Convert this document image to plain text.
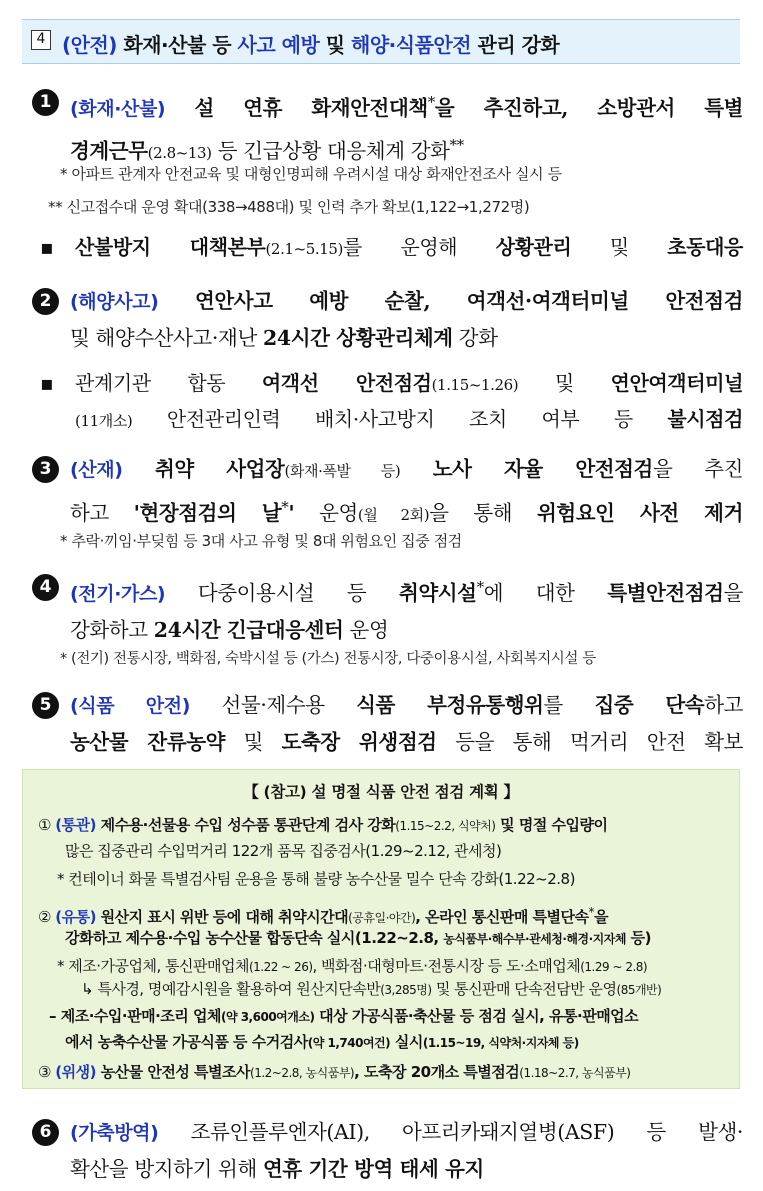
4 (안전) 화재·산불 등 사고 예방 및 해양·식품안전 관리 강화
1 (화재·산불) 설 연휴 화재안전대책*을 추진하고, 소방관서 특별
경계근무(2.8~13) 등 긴급상황 대응체계 강화**
* 아파트 관계자 안전교육 및 대형인명피해 우려시설 대상 화재안전조사 실시 등
** 신고접수대 운영 확대(338→488대) 및 인력 추가 확보(1,122→1,272명)
▪ 산불방지 대책본부(2.1~5.15)를 운영해 상황관리 및 초동대응
2 (해양사고) 연안사고 예방 순찰, 여객선·여객터미널 안전점검
및 해양수산사고·재난 24시간 상황관리체계 강화
▪ 관계기관 합동 여객선 안전점검(1.15~1.26) 및 연안여객터미널
(11개소) 안전관리인력 배치·사고방지 조치 여부 등 불시점검
3 (산재) 취약 사업장(화재·폭발 등) 노사 자율 안전점검을 추진
하고 '현장점검의 날*' 운영(월 2회)을 통해 위험요인 사전 제거
* 추락·끼임·부딪힘 등 3대 사고 유형 및 8대 위험요인 집중 점검
4 (전기·가스) 다중이용시설 등 취약시설*에 대한 특별안전점검을
강화하고 24시간 긴급대응센터 운영
* (전기) 전통시장, 백화점, 숙박시설 등 (가스) 전통시장, 다중이용시설, 사회복지시설 등
5 (식품 안전) 선물·제수용 식품 부정유통행위를 집중 단속하고
농산물 잔류농약 및 도축장 위생점검 등을 통해 먹거리 안전 확보
【 (참고) 설 명절 식품 안전 점검 계획 】
① (통관) 제수용·선물용 수입 성수품 통관단계 검사 강화(1.15~2.2, 식약처) 및 명절 수입량이
많은 집중관리 수입먹거리 122개 품목 집중검사(1.29~2.12, 관세청)
* 컨테이너 화물 특별검사팀 운용을 통해 불량 농수산물 밀수 단속 강화(1.22~2.8)
② (유통) 원산지 표시 위반 등에 대해 취약시간대(공휴일·야간), 온라인 통신판매 특별단속*을
강화하고 제수용·수입 농수산물 합동단속 실시(1.22~2.8, 농식품부·해수부·관세청·해경·지자체 등)
* 제조·가공업체, 통신판매업체(1.22 ~ 26), 백화점·대형마트·전통시장 등 도·소매업체(1.29 ~ 2.8)
↳ 특사경, 명예감시원을 활용하여 원산지단속반(3,285명) 및 통신판매 단속전담반 운영(85개반)
– 제조·수입·판매·조리 업체(약 3,600여개소) 대상 가공식품·축산물 등 점검 실시, 유통·판매업소
에서 농축수산물 가공식품 등 수거검사(약 1,740여건) 실시(1.15~19, 식약처·지자체 등)
③ (위생) 농산물 안전성 특별조사(1.2~2.8, 농식품부), 도축장 20개소 특별점검(1.18~2.7, 농식품부)
6 (가축방역) 조류인플루엔자(AI), 아프리카돼지열병(ASF) 등 발생·
확산을 방지하기 위해 연휴 기간 방역 태세 유지
